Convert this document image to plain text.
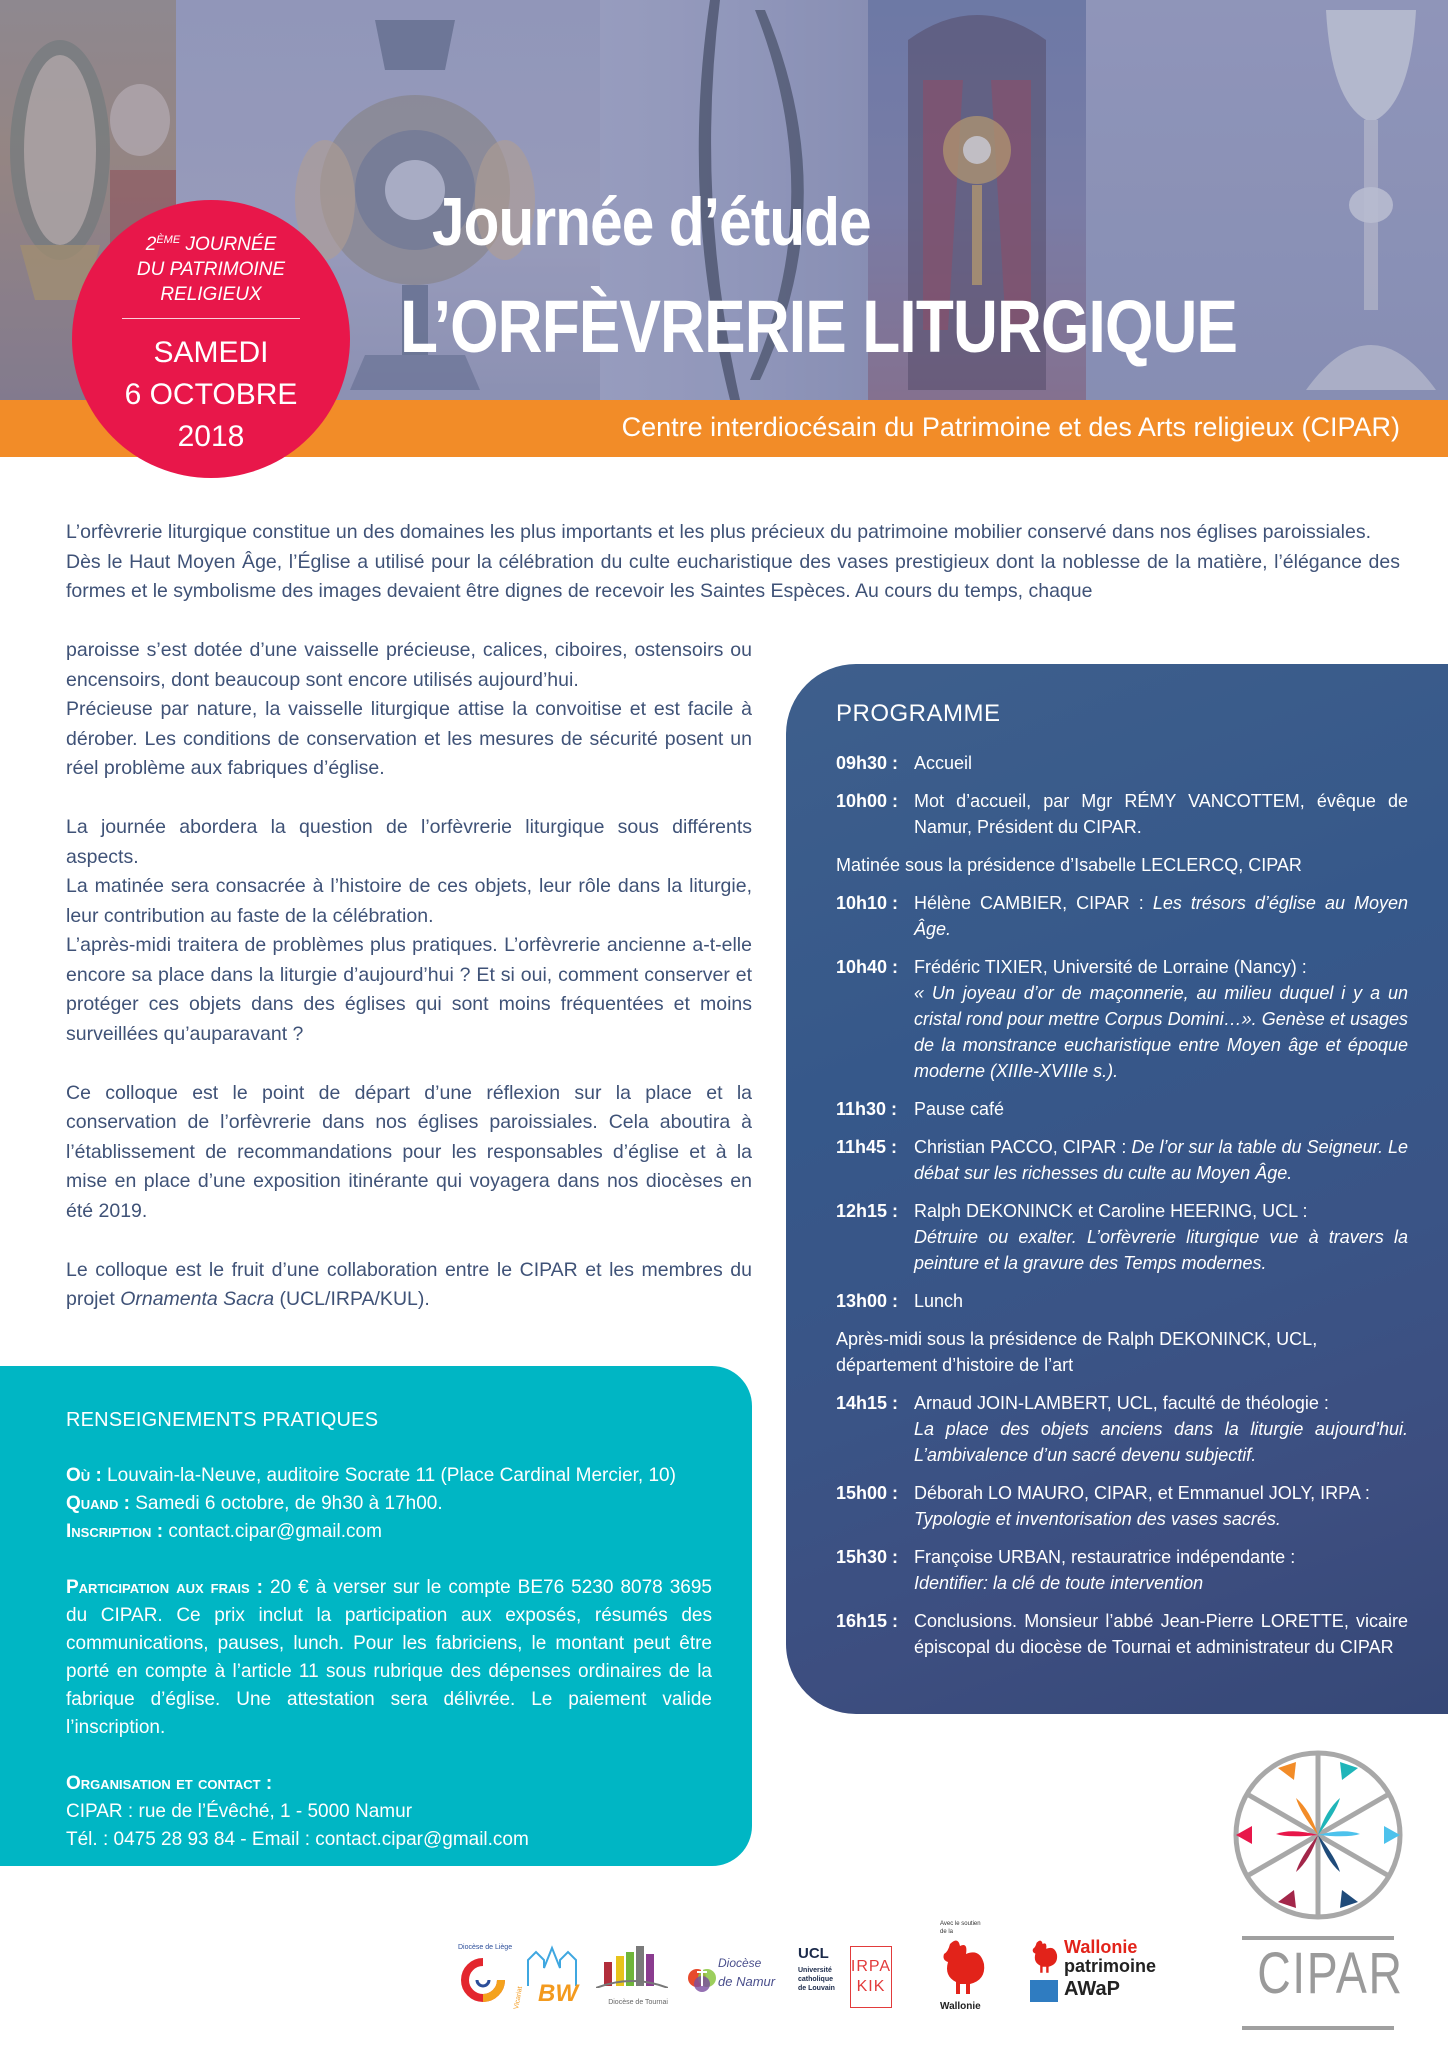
Journée d’étude
L’ORFÈVRERIE LITURGIQUE
Centre interdiocésain du Patrimoine et des Arts religieux (CIPAR)
2ÈME JOURNÉE
DU PATRIMOINE
RELIGIEUX
SAMEDI
6 OCTOBRE
2018

L’orfèvrerie liturgique constitue un des domaines les plus importants et les plus précieux du patrimoine mobilier conservé dans nos églises paroissiales.

Dès le Haut Moyen Âge, l’Église a utilisé pour la célébration du culte eucharistique des vases prestigieux dont la noblesse de la matière, l’élégance des formes et le symbolisme des images devaient être dignes de recevoir les Saintes Espèces. Au cours du temps, chaque

paroisse s’est dotée d’une vaisselle précieuse, calices, ciboires, ostensoirs ou encensoirs, dont beaucoup sont encore utilisés aujourd’hui.

Précieuse par nature, la vaisselle liturgique attise la convoitise et est facile à dérober. Les conditions de conservation et les mesures de sécurité posent un réel problème aux fabriques d’église.

La journée abordera la question de l’orfèvrerie liturgique sous différents aspects.

La matinée sera consacrée à l’histoire de ces objets, leur rôle dans la liturgie, leur contribution au faste de la célébration.

L’après-midi traitera de problèmes plus pratiques. L’orfèvrerie ancienne a-t-elle encore sa place dans la liturgie d’aujourd’hui ? Et si oui, comment conserver et protéger ces objets dans des églises qui sont moins fréquentées et moins surveillées qu’auparavant ?

Ce colloque est le point de départ d’une réflexion sur la place et la conservation de l’orfèvrerie dans nos églises paroissiales. Cela aboutira à l’établissement de recommandations pour les responsables d’église et à la mise en place d’une exposition itinérante qui voyagera dans nos diocèses en été 2019.

Le colloque est le fruit d’une collaboration entre le CIPAR et les membres du projet Ornamenta Sacra (UCL/IRPA/KUL).

PROGRAMME
09h30 : Accueil
10h00 : Mot d’accueil, par Mgr RÉMY VANCOTTEM, évêque de Namur, Président du CIPAR.
Matinée sous la présidence d’Isabelle LECLERCQ, CIPAR
10h10 : Hélène CAMBIER, CIPAR : Les trésors d’église au Moyen Âge.
10h40 : Frédéric TIXIER, Université de Lorraine (Nancy) :
« Un joyeau d’or de maçonnerie, au milieu duquel i y a un cristal rond pour mettre Corpus Domini…». Genèse et usages de la monstrance eucharistique entre Moyen âge et époque moderne (XIIIe-XVIIIe s.).
11h30 : Pause café
11h45 : Christian PACCO, CIPAR : De l’or sur la table du Seigneur. Le débat sur les richesses du culte au Moyen Âge.
12h15 : Ralph DEKONINCK et Caroline HEERING, UCL :
Détruire ou exalter. L’orfèvrerie liturgique vue à travers la peinture et la gravure des Temps modernes.
13h00 : Lunch
Après-midi sous la présidence de Ralph DEKONINCK, UCL, département d’histoire de l’art
14h15 : Arnaud JOIN-LAMBERT, UCL, faculté de théologie :
La place des objets anciens dans la liturgie aujourd’hui. L’ambivalence d’un sacré devenu subjectif.
15h00 : Déborah LO MAURO, CIPAR, et Emmanuel JOLY, IRPA :
Typologie et inventorisation des vases sacrés.
15h30 : Françoise URBAN, restauratrice indépendante :
Identifier: la clé de toute intervention
16h15 : Conclusions. Monsieur l’abbé Jean-Pierre LORETTE, vicaire épiscopal du diocèse de Tournai et administrateur du CIPAR
RENSEIGNEMENTS PRATIQUES

Où : Louvain-la-Neuve, auditoire Socrate 11 (Place Cardinal Mercier, 10)

Quand : Samedi 6 octobre, de 9h30 à 17h00.

Inscription : contact.cipar@gmail.com

Participation aux frais : 20 € à verser sur le compte BE76 5230 8078 3695 du CIPAR. Ce prix inclut la participation aux exposés, résumés des communications, pauses, lunch. Pour les fabriciens, le montant peut être porté en compte à l’article 11 sous rubrique des dépenses ordinaires de la fabrique d’église. Une attestation sera délivrée. Le paiement valide l’inscription.

Organisation et contact :

CIPAR : rue de l’Évêché, 1 - 5000 Namur

Tél. : 0475 28 93 84 - Email : contact.cipar@gmail.com

Diocèse de Liège
BW
Vicariat	Diocèse de Tournai
Diocèse
de Namur
UCL
Université
catholique
de Louvain
IRPA
KIK
Avec le soutien de la
Wallonie
Wallonie
patrimoine
AWaP CIPAR
